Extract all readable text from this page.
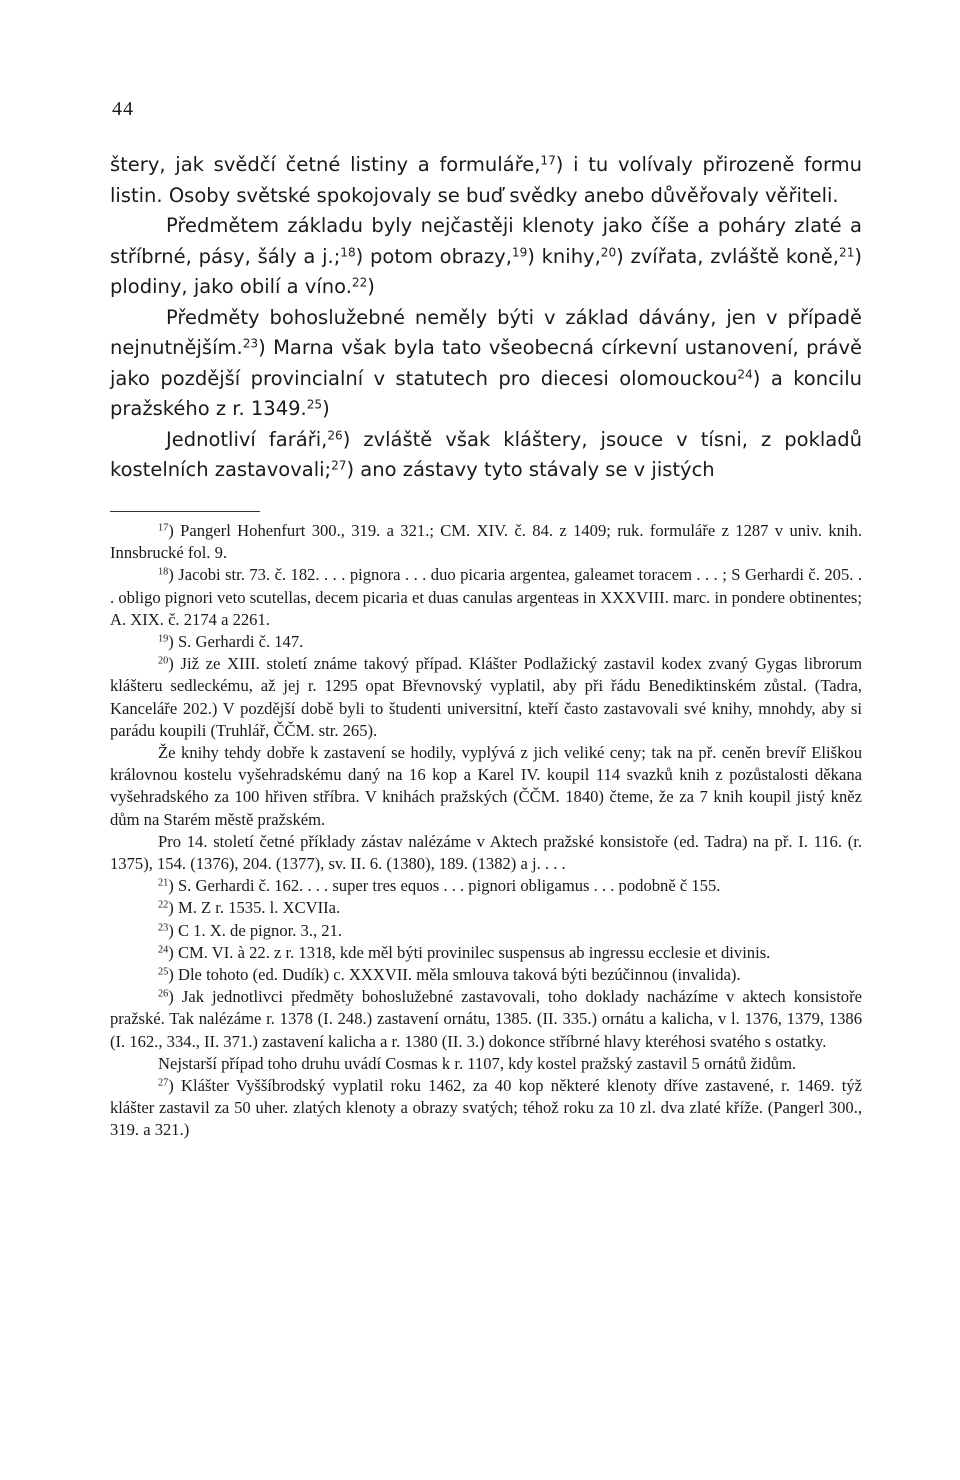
44

štery, jak svědčí četné listiny a formuláře,$^{17}$) i tu volívaly přirozeně formu listin. Osoby světské spokojovaly se buď svědky anebo důvěřovaly věřiteli.

Předmětem základu byly nejčastěji klenoty jako číše a poháry zlaté a stříbrné, pásy, šály a j.;$^{18}$) potom obrazy,$^{19}$) knihy,$^{20}$) zvířata, zvláště koně,$^{21}$) plodiny, jako obilí a víno.$^{22}$)

Předměty bohoslužebné neměly býti v základ dávány, jen v případě nejnutnějším.$^{23}$) Marna však byla tato všeobecná církevní ustanovení, právě jako pozdější provincialní v statutech pro diecesi olomouckou$^{24}$) a koncilu pražského z r. 1349.25)

Jednotliví faráři,$^{26}$) zvláště však kláštery, jsouce v tísni, z pokladů kostelních zastavovali;$^{27}$) ano zástavy tyto stávaly se v jistých

$^{17}$) Pangerl Hohenfurt 300., 319. a 321.; CM. XIV. č. 84. z 1409; ruk. formuláře z 1287 v univ. knih. Innsbrucké fol. 9.

$^{18}$) Jacobi str. 73. č. 182. . . . pignora . . . duo picaria argentea, galeamet toracem . . . ; S Gerhardi č. 205. . . obligo pignori veto scutellas, decem picaria et duas canulas argenteas in XXXVIII. marc. in pondere obtinentes; A. XIX. č. 2174 a 2261.

$^{19}$) S. Gerhardi č. 147.

$^{20}$) Již ze XIII. století známe takový případ. Klášter Podlažický zastavil kodex zvaný Gygas librorum klášteru sedleckému, až jej r. 1295 opat Břevnovský vyplatil, aby při řádu Benediktinském zůstal. (Tadra, Kanceláře 202.) V pozdější době byli to študenti universitní, kteří často zastavovali své knihy, mnohdy, aby si parádu koupili (Truhlář, ČČM. str. 265).

Že knihy tehdy dobře k zastavení se hodily, vyplývá z jich veliké ceny; tak na př. ceněn brevíř Eliškou královnou kostelu vyšehradskému daný na 16 kop a Karel IV. koupil 114 svazků knih z pozůstalosti děkana vyšehradského za 100 hřiven stříbra. V knihách pražských (ČČM. 1840) čteme, že za 7 knih koupil jistý kněz dům na Starém městě pražském.

Pro 14. století četné příklady zástav nalézáme v Aktech pražské konsistoře (ed. Tadra) na př. I. 116. (r. 1375), 154. (1376), 204. (1377), sv. II. 6. (1380), 189. (1382) a j. . . .

$^{21}$) S. Gerhardi č. 162. . . . super tres equos . . . pignori obligamus . . . podobně č 155.

$^{22}$) M. Z r. 1535. l. XCVIIa.

$^{23}$) C 1. X. de pignor. 3., 21.

$^{24}$) CM. VI. à 22. z r. 1318, kde měl býti provinilec suspensus ab ingressu ecclesie et divinis.

$^{25}$) Dle tohoto (ed. Dudík) c. XXXVII. měla smlouva taková býti bezúčinnou (invalida).

$^{26}$) Jak jednotlivci předměty bohoslužebné zastavovali, toho doklady nacházíme v aktech konsistoře pražské. Tak nalézáme r. 1378 (I. 248.) zastavení ornátu, 1385. (II. 335.) ornátu a kalicha, v l. 1376, 1379, 1386 (I. 162., 334., II. 371.) zastavení kalicha a r. 1380 (II. 3.) dokonce stříbrné hlavy kteréhosi svatého s ostatky.

Nejstarší případ toho druhu uvádí Cosmas k r. 1107, kdy kostel pražský zastavil 5 ornátů židům.

$^{27}$) Klášter Vyššíbrodský vyplatil roku 1462, za 40 kop některé klenoty dříve zastavené, r. 1469. týž klášter zastavil za 50 uher. zlatých klenoty a obrazy svatých; téhož roku za 10 zl. dva zlaté kříže. (Pangerl 300., 319. a 321.)
